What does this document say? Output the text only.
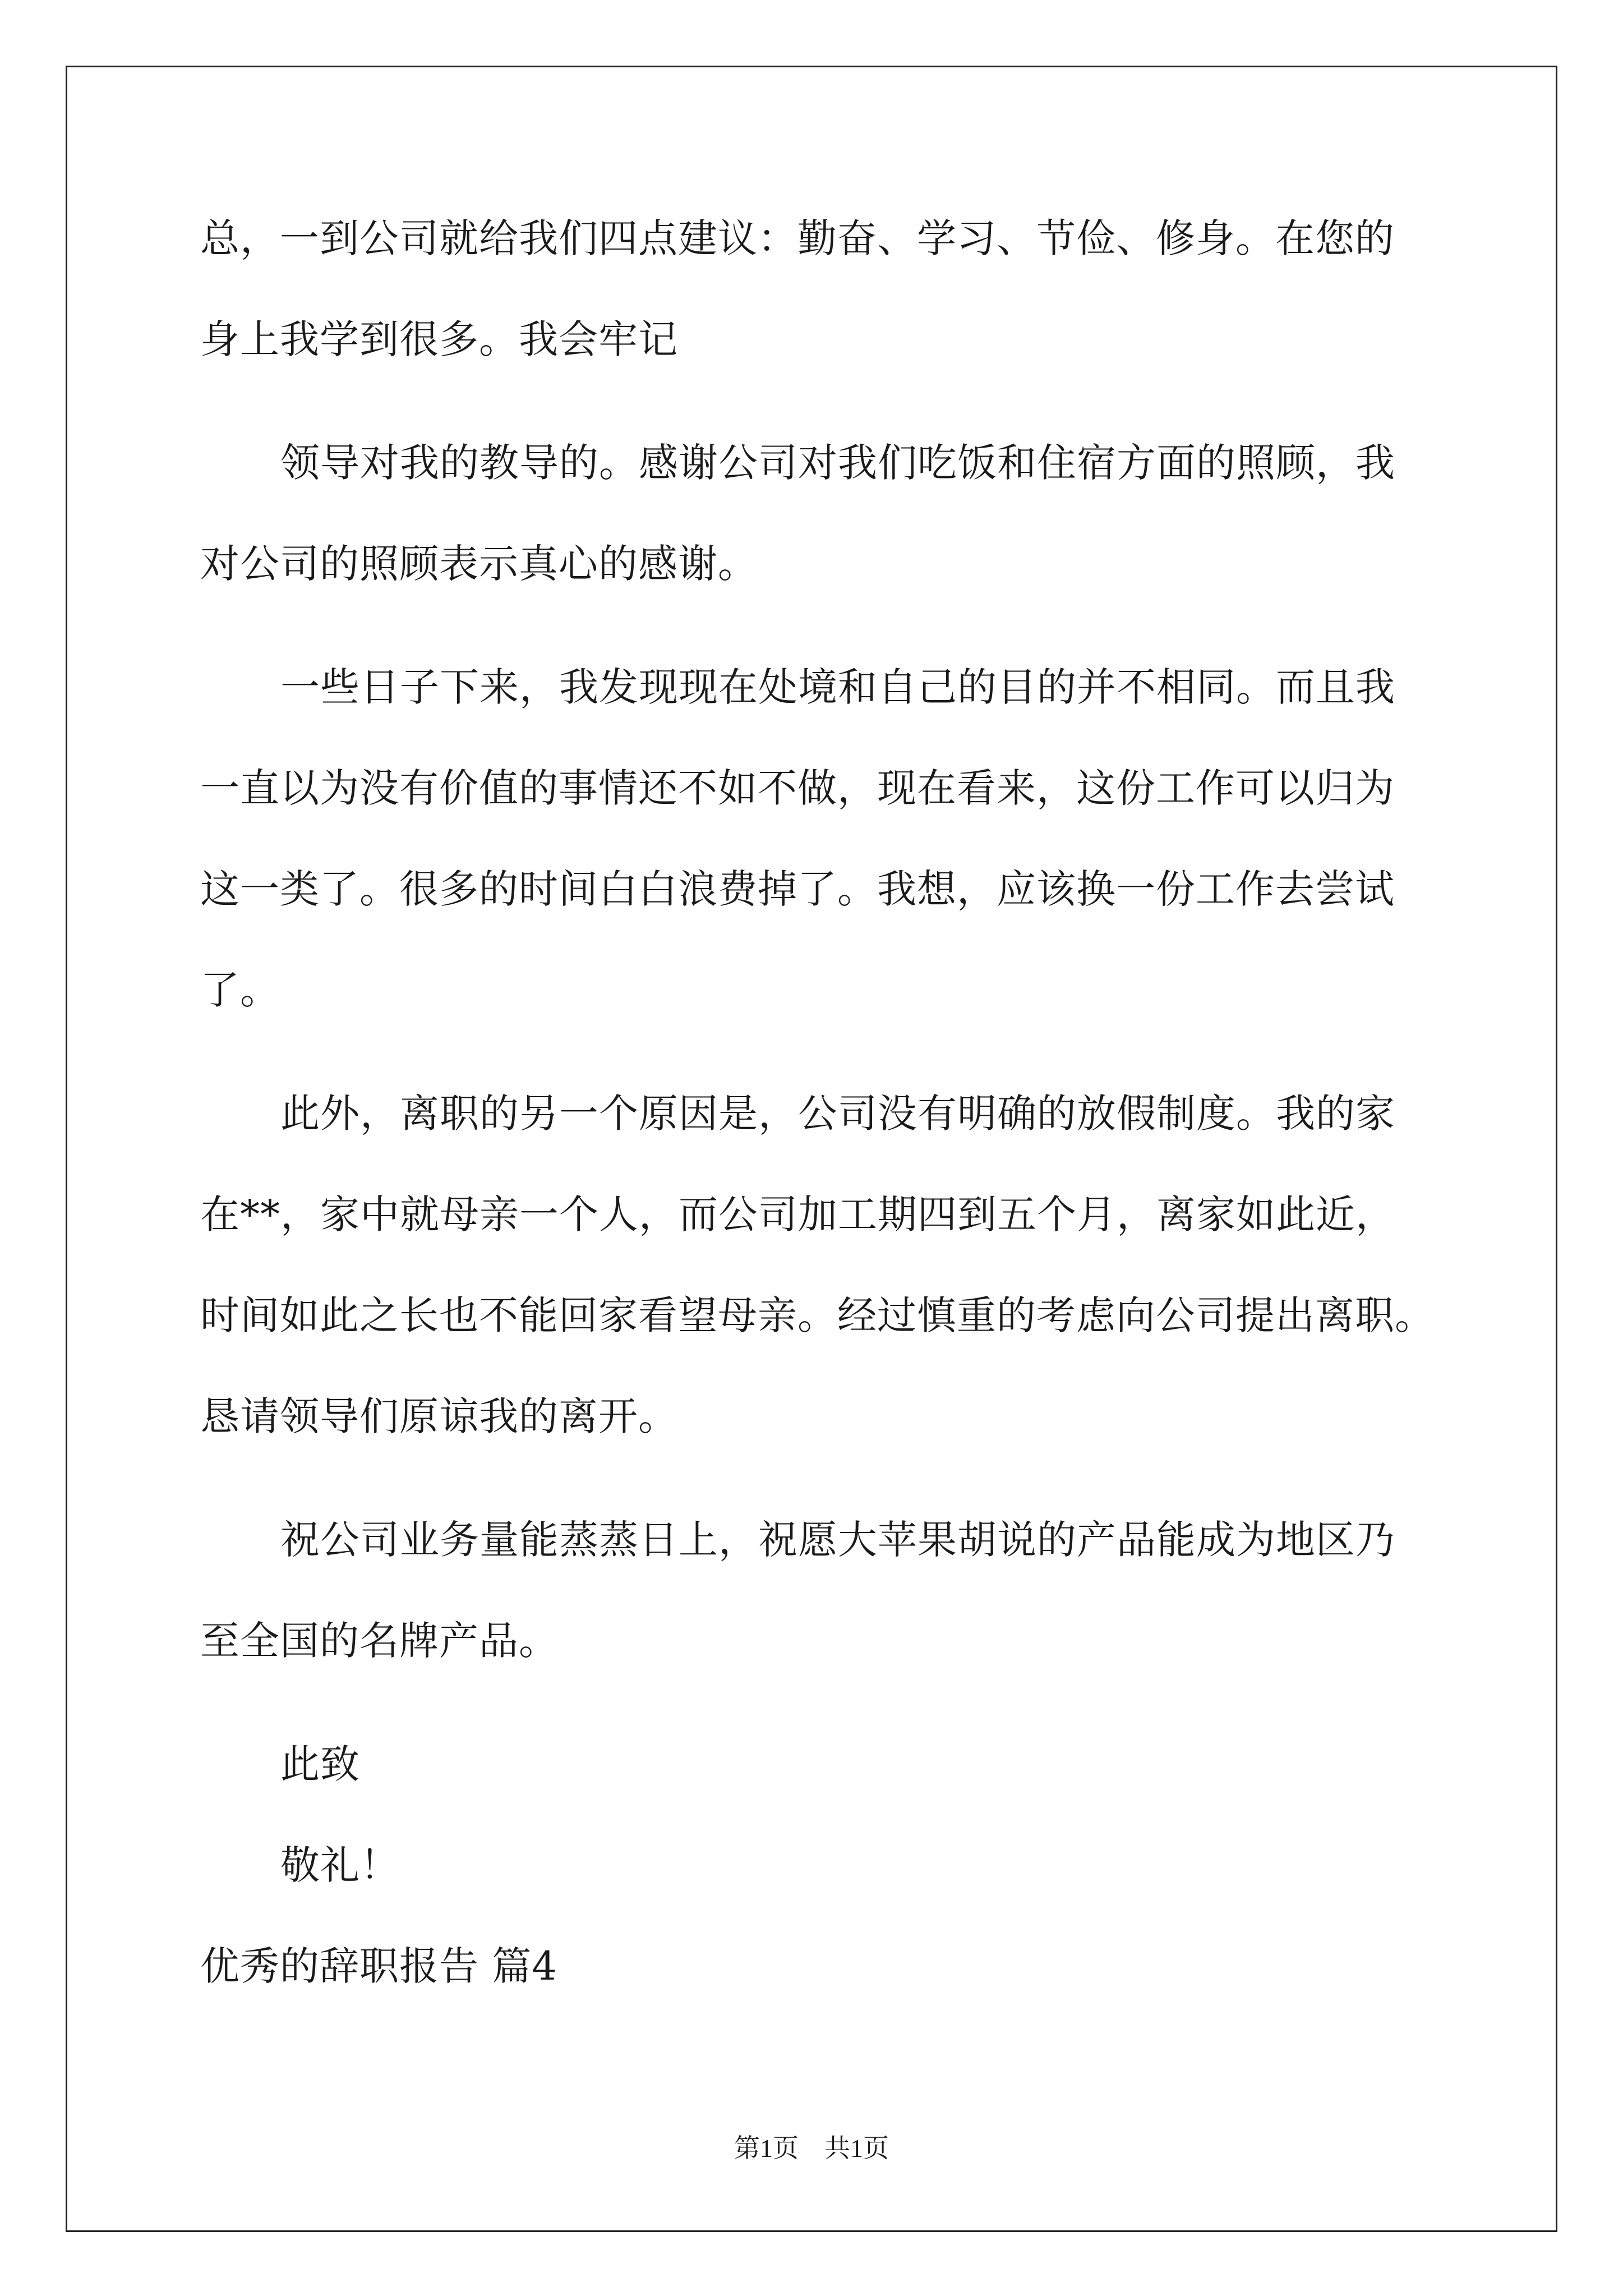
总，一到公司就给我们四点建议：勤奋、学习、节俭、修身。在您的
身上我学到很多。我会牢记
领导对我的教导的。感谢公司对我们吃饭和住宿方面的照顾，我
对公司的照顾表示真心的感谢。
一些日子下来，我发现现在处境和自己的目的并不相同。而且我
一直以为没有价值的事情还不如不做，现在看来，这份工作可以归为
这一类了。很多的时间白白浪费掉了。我想，应该换一份工作去尝试
了。
此外，离职的另一个原因是，公司没有明确的放假制度。我的家
在**，家中就母亲一个人，而公司加工期四到五个月，离家如此近，
时间如此之长也不能回家看望母亲。经过慎重的考虑向公司提出离职。
恳请领导们原谅我的离开。
祝公司业务量能蒸蒸日上，祝愿大苹果胡说的产品能成为地区乃
至全国的名牌产品。
此致
敬礼！
优秀的辞职报告 篇4
第1页　共1页
